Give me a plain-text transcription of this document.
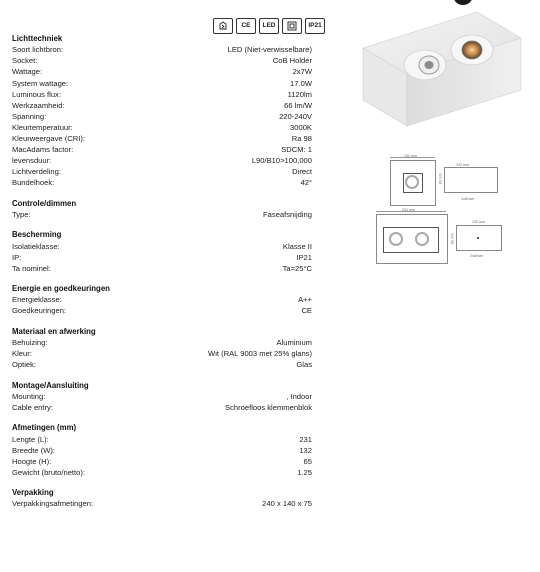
CE LED	IP21
Lichttechniek
Soort lichtbron:	LED (Niet-verwisselbare)
Socket:	CoB Holder
Wattage:	2x7W
System wattage:	17.0W
Luminous flux:	1120lm
Werkzaamheid:	66 lm/W
Spanning:	220-240V
Kleurtemperatuur:	3000K
Kleurweergave (CRI):	Ra 98
MacAdams factor:	SDCM: 1
levensduur:	L90/B10>100,000
Lichtverdeling:	Direct
Bundelhoek:	42°
Controle/dimmen
Type:	Faseafsnijding
Bescherming
Isolatieklasse:	Klasse II
IP:	IP21
Ta nominel:	Ta=25°C
Energie en goedkeuringen
Energieklasse:	A++
Goedkeuringen:	CE
Materiaal en afwerking
Behuizing:	Aluminium
Kleur:	Wit (RAL 9003 met 25% glans)
Optiek:	Glas
Montage/Aansluiting
Mounting:	, Indoor
Cable entry:	Schroefloos klemmenblok
Afmetingen (mm)
Lengte (L):	231
Breedte (W):	132
Hoogte (H):	65
Gewicht (bruto/netto):	1.25
Verpakking
Verpakkingsafmetingen:	240 x 140 x 75
132 mm
83 mm
132 mm
1xDriver
231 mm
83 mm
132 mm
2xDriver
